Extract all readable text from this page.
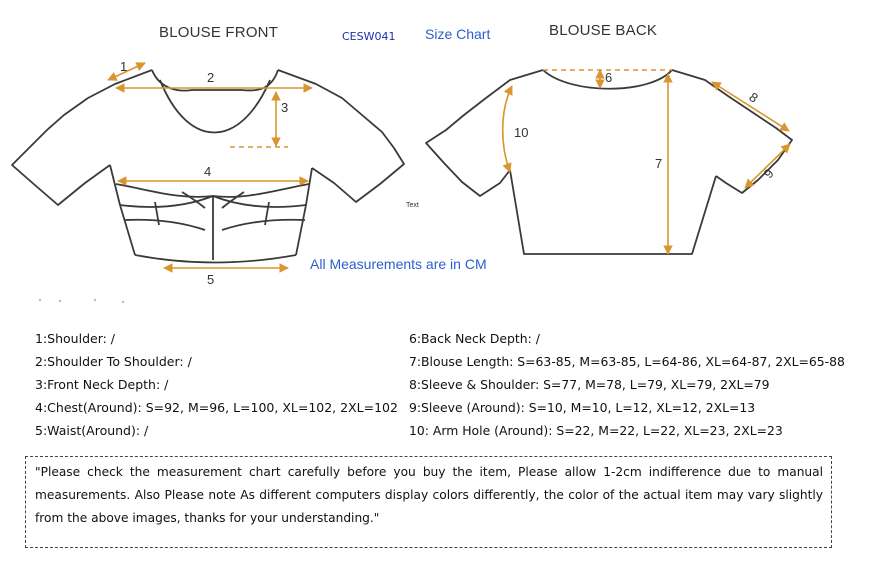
BLOUSE FRONT	CESW041 Size Chart	BLOUSE BACK
1
2
3
4
5
6
7
8
9
10
Text
All Measurements are in CM
1:Shoulder: /
2:Shoulder To Shoulder: /
3:Front Neck Depth: /
4:Chest(Around): S=92, M=96, L=100, XL=102, 2XL=102
5:Waist(Around): /
6:Back Neck Depth: /
7:Blouse Length: S=63-85, M=63-85, L=64-86, XL=64-87, 2XL=65-88
8:Sleeve & Shoulder: S=77, M=78, L=79, XL=79, 2XL=79
9:Sleeve (Around): S=10, M=10, L=12, XL=12, 2XL=13
10: Arm Hole (Around): S=22, M=22, L=22, XL=23, 2XL=23
"Please check the measurement chart carefully before you buy the item, Please allow 1-2cm indifference due to manual measurements. Also Please note As different computers display colors differently, the color of the actual item may vary slightly from the above images, thanks for your understanding."
